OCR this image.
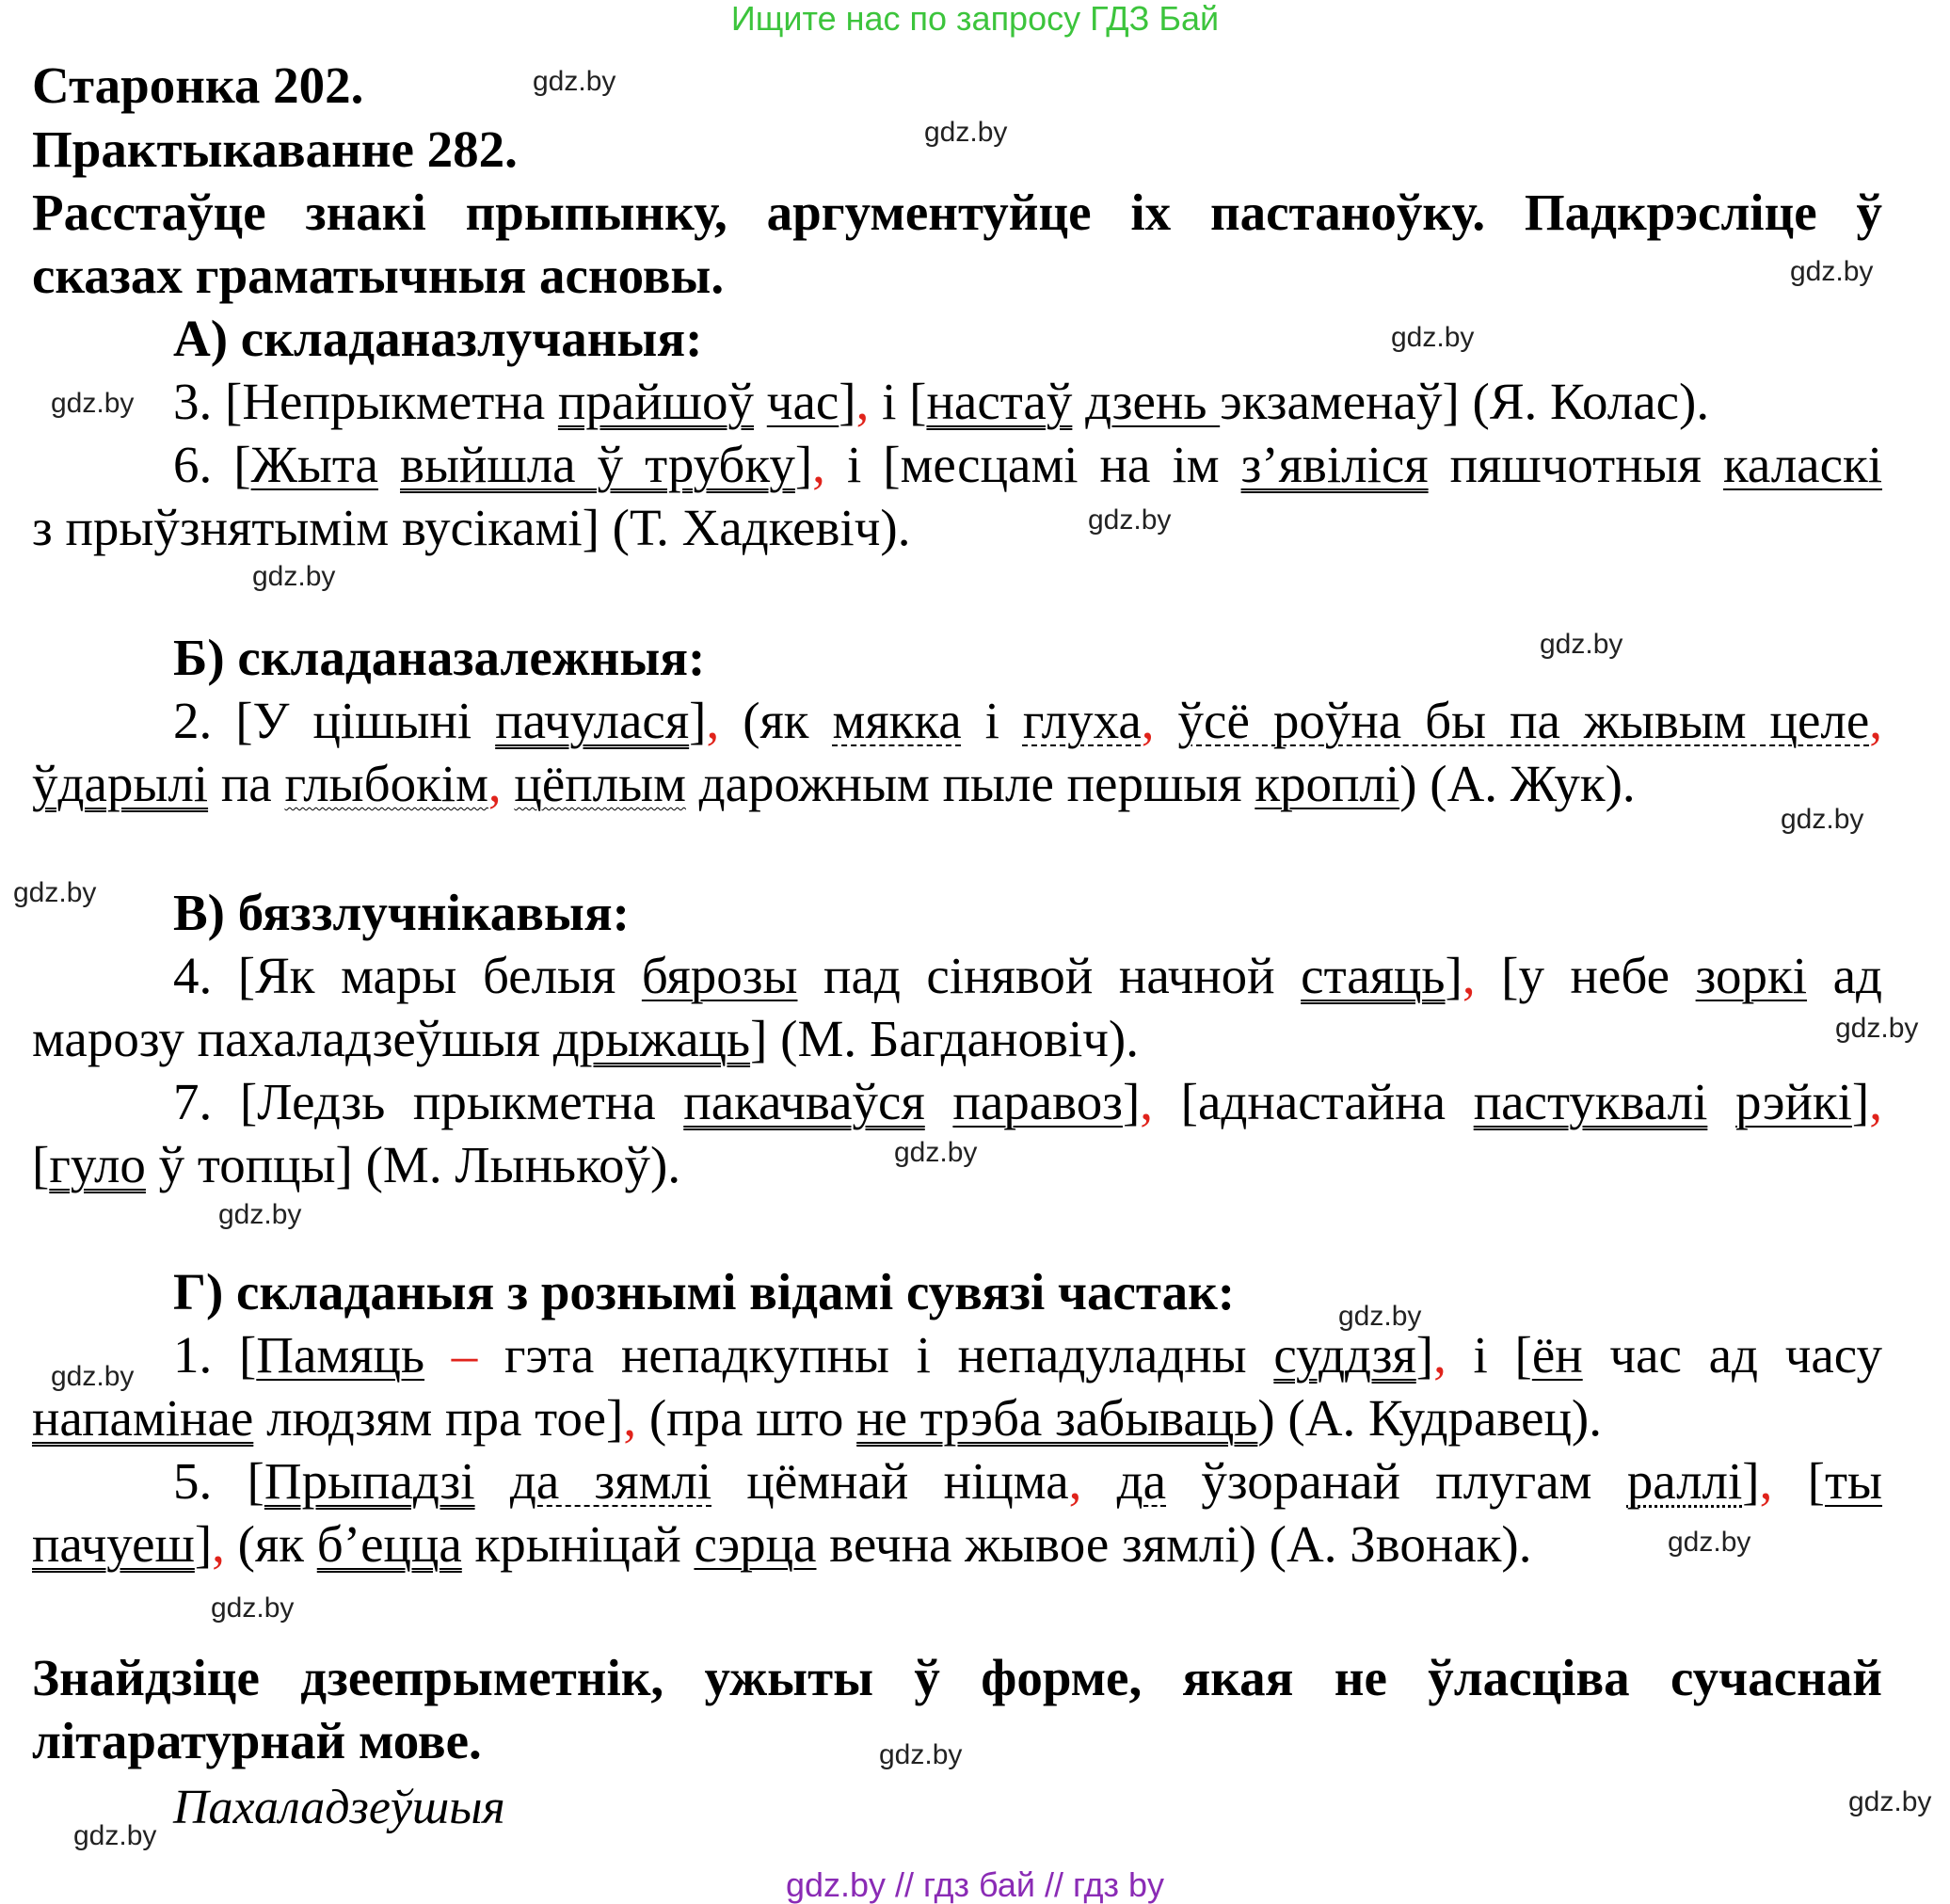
Ищите нас по запросу ГДЗ Бай
gdz.by
gdz.by
gdz.by
gdz.by
gdz.by
gdz.by
gdz.by
gdz.by
gdz.by
gdz.by
gdz.by
gdz.by
gdz.by
gdz.by
gdz.by
gdz.by
gdz.by
gdz.by
gdz.by
gdz.by
Старонка 202.
Практыкаванне 282.
Расстаўце знакі прыпынку, аргументуйце іх пастаноўку. Падкрэсліце ў
сказах граматычныя асновы.
А) складаназлучаныя:
3. [Непрыкметна прайшоў час], і [настаў дзень экзаменаў] (Я. Колас).
6. [Жыта выйшла ў трубку], і [месцамі на ім з’явіліся пяшчотныя каласкі
з прыўзнятымім вусікамі] (Т. Хадкевіч).
Б) складаназалежныя:
2. [У цішыні пачулася], (як мякка і глуха, ўсё роўна бы па жывым целе,
ўдарылі па глыбокім, цёплым дарожным пыле першыя кроплі) (А. Жук).
В) бяззлучнікавыя:
4. [Як мары белыя бярозы пад сінявой начной стаяць], [у небе зоркі ад
марозу пахаладзеўшыя дрыжаць] (М. Багдановіч).
7. [Ледзь прыкметна пакачваўся паравоз], [аднастайна пастуквалі рэйкі],
[гуло ў топцы] (М. Лынькоў).
Г) складаныя з рознымі відамі сувязі частак:
1. [Памяць – гэта непадкупны і непадуладны суддзя], і [ён час ад часу
напамінае людзям пра тое], (пра што не трэба забываць) (А. Кудравец).
5. [Прыпадзі да зямлі цёмнай ніцма, да ўзоранай плугам раллі], [ты
пачуеш], (як б’ецца крыніцай сэрца вечна жывое зямлі) (А. Звонак).
Знайдзіце дзеепрыметнік, ужыты ў форме, якая не ўласціва сучаснай
літаратурнай мове.
Пахаладзеўшыя
gdz.by // гдз бай // гдз by
